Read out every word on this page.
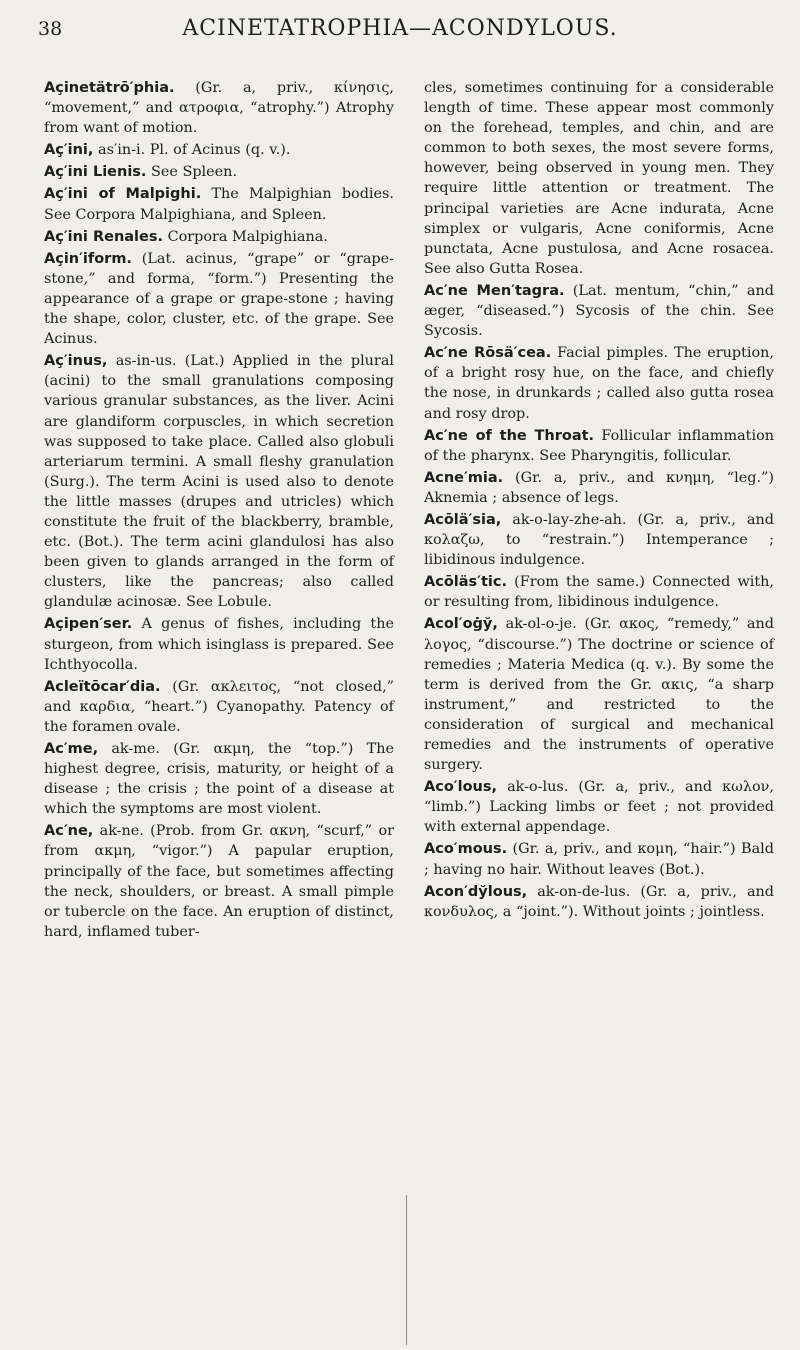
38	ACINETATROPHIA—ACONDYLOUS.

Açinetätrō′phia. (Gr. a, priv., κίνησις, “movement,” and ατροφια, “atrophy.”) Atrophy from want of motion.

Aç′ini, as′in-i. Pl. of Acinus (q. v.).

Aç′ini Lienis. See Spleen.

Aç′ini of Malpighi. The Malpighian bodies. See Corpora Malpighiana, and Spleen.

Aç′ini Renales. Corpora Malpighiana.

Açin′iform. (Lat. acinus, “grape” or “grape-stone,” and forma, “form.”) Presenting the appearance of a grape or grape-stone ; having the shape, color, cluster, etc. of the grape. See Acinus.

Aç′inus, as-in-us. (Lat.) Applied in the plural (acini) to the small granulations composing various granular substances, as the liver. Acini are glandiform corpuscles, in which secretion was supposed to take place. Called also globuli arteriarum termini. A small fleshy granulation (Surg.). The term Acini is used also to denote the little masses (drupes and utricles) which constitute the fruit of the blackberry, bramble, etc. (Bot.). The term acini glandulosi has also been given to glands arranged in the form of clusters, like the pancreas; also called glandulæ acinosæ. See Lobule.

Açipen′ser. A genus of fishes, including the sturgeon, from which isinglass is prepared. See Ichthyocolla.

Acleïtōcar′dia. (Gr. ακλειτος, “not closed,” and καρδια, “heart.”) Cyanopathy. Patency of the foramen ovale.

Ac′me, ak-me. (Gr. ακμη, the “top.”) The highest degree, crisis, maturity, or height of a disease ; the crisis ; the point of a disease at which the symptoms are most violent.

Ac′ne, ak-ne. (Prob. from Gr. ακνη, “scurf,” or from ακμη, “vigor.”) A papular eruption, principally of the face, but sometimes affecting the neck, shoulders, or breast. A small pimple or tubercle on the face. An eruption of distinct, hard, inflamed tuber-

cles, sometimes continuing for a considerable length of time. These appear most commonly on the forehead, temples, and chin, and are common to both sexes, the most severe forms, however, being observed in young men. They require little attention or treatment. The principal varieties are Acne indurata, Acne simplex or vulgaris, Acne coniformis, Acne punctata, Acne pustulosa, and Acne rosacea. See also Gutta Rosea.

Ac′ne Men′tagra. (Lat. mentum, “chin,” and æger, “diseased.”) Sycosis of the chin. See Sycosis.

Ac′ne Rōsä′cea. Facial pimples. The eruption, of a bright rosy hue, on the face, and chiefly the nose, in drunkards ; called also gutta rosea and rosy drop.

Ac′ne of the Throat. Follicular inflammation of the pharynx. See Pharyngitis, follicular.

Acne′mia. (Gr. a, priv., and κνημη, “leg.”) Aknemia ; absence of legs.

Acōlä′sia, ak-o-lay-zhe-ah. (Gr. a, priv., and κολαζω, to “restrain.”) Intemperance ; libidinous indulgence.

Acōläs′tic. (From the same.) Connected with, or resulting from, libidinous indulgence.

Acol′oġy̆, ak-ol-o-je. (Gr. ακος, “remedy,” and λογος, “discourse.”) The doctrine or science of remedies ; Materia Medica (q. v.). By some the term is derived from the Gr. ακις, “a sharp instrument,” and restricted to the consideration of surgical and mechanical remedies and the instruments of operative surgery.

Aco′lous, ak-o-lus. (Gr. a, priv., and κωλον, “limb.”) Lacking limbs or feet ; not provided with external appendage.

Aco′mous. (Gr. a, priv., and κομη, “hair.”) Bald ; having no hair. Without leaves (Bot.).

Acon′dy̆lous, ak-on-de-lus. (Gr. a, priv., and κονδυλος, a “joint.”). Without joints ; jointless.
